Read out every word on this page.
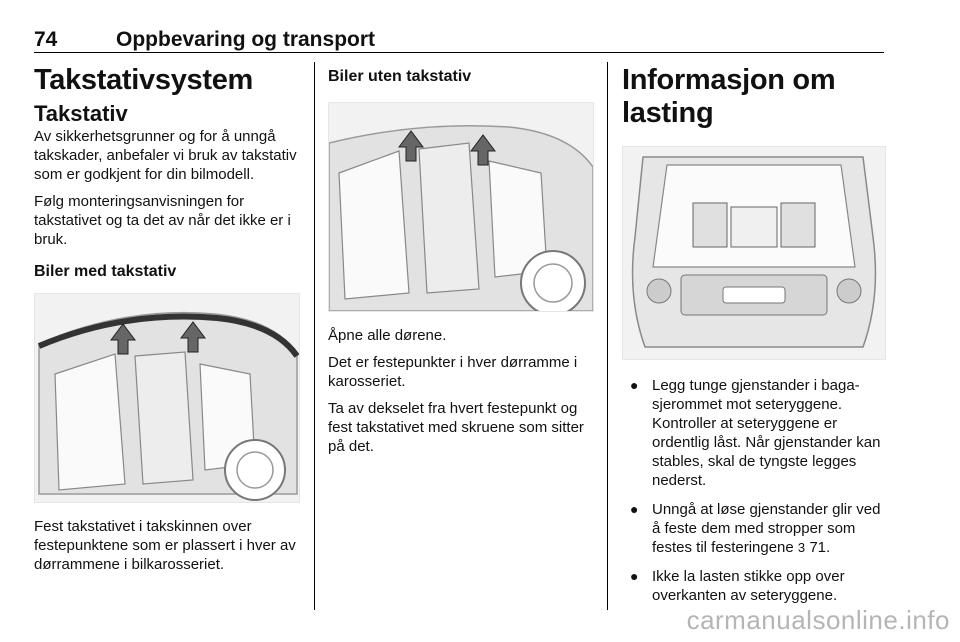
74	Oppbevaring og transport
Takstativsystem
Takstativ

Av sikkerhetsgrunner og for å unngå takskader, anbefaler vi bruk av takstativ som er godkjent for din bilmodell.

Følg monteringsanvisningen for takstativet og ta det av når det ikke er i bruk.

Biler med takstativ

Fest takstativet i takskinnen over festepunktene som er plassert i hver av dørrammene i bilkarosseriet.

Biler uten takstativ

Åpne alle dørene.

Det er festepunkter i hver dørramme i karosseriet.

Ta av dekselet fra hvert festepunkt og fest takstativet med skruene som sitter på det.

Informasjon om lasting
● Legg tunge gjenstander i bagasjerommet mot seteryggene. Kontroller at seteryggene er ordentlig låst. Når gjenstander kan stables, skal de tyngste legges nederst.
● Unngå at løse gjenstander glir ved å feste dem med stropper som festes til festeringene 3 71.
● Ikke la lasten stikke opp over overkanten av seteryggene.
carmanualsonline.info
